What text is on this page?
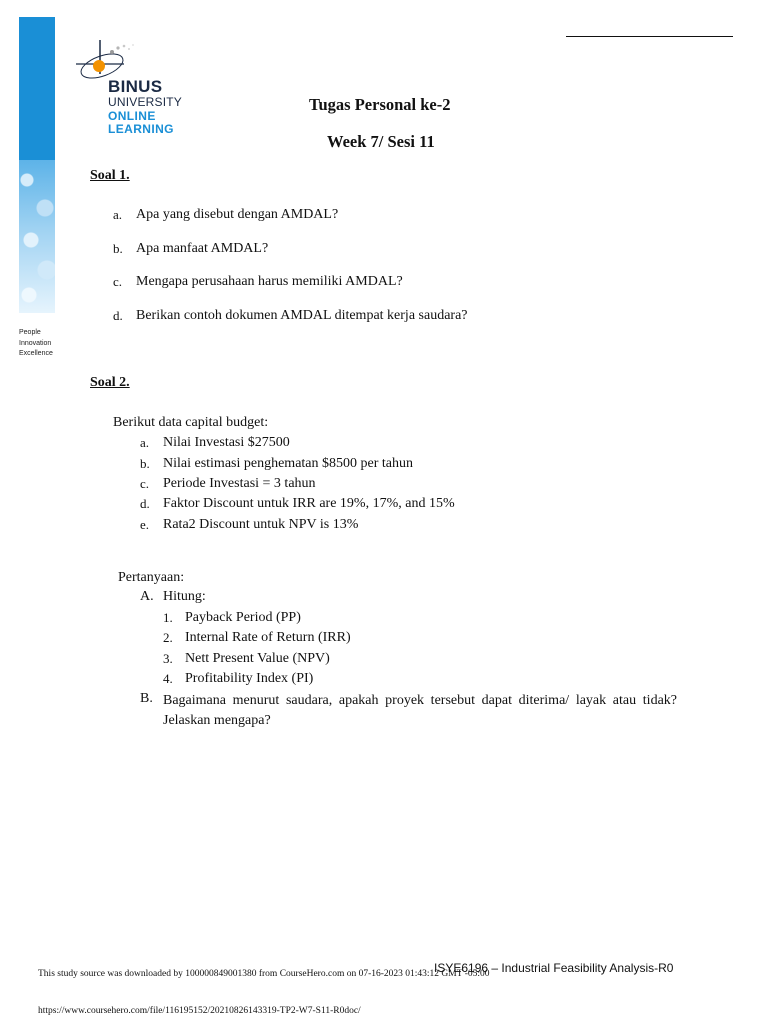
People
Innovation
Excellence
BINUS
UNIVERSITY
ONLINE
LEARNING
Tugas Personal ke-2
Week 7/ Sesi 11
Soal 1.
a. Apa yang disebut dengan AMDAL?
b. Apa manfaat AMDAL?
c. Mengapa perusahaan harus memiliki AMDAL?
d. Berikan contoh dokumen AMDAL ditempat kerja saudara?
Soal 2.
Berikut data capital budget:
a. Nilai Investasi $27500
b. Nilai estimasi penghematan $8500 per tahun
c. Periode Investasi = 3 tahun
d. Faktor Discount untuk IRR are 19%, 17%, and 15%
e. Rata2 Discount untuk NPV is 13%
Pertanyaan:
A. Hitung:
1. Payback Period (PP)
2. Internal Rate of Return (IRR)
3. Nett Present Value (NPV)
4. Profitability Index (PI)
B. Bagaimana menurut saudara, apakah proyek tersebut dapat diterima/ layak atau tidak? Jelaskan mengapa?
ISYE6196 – Industrial Feasibility Analysis-R0
This study source was downloaded by 100000849001380 from CourseHero.com on 07-16-2023 01:43:12 GMT -05:00
https://www.coursehero.com/file/116195152/20210826143319-TP2-W7-S11-R0doc/
